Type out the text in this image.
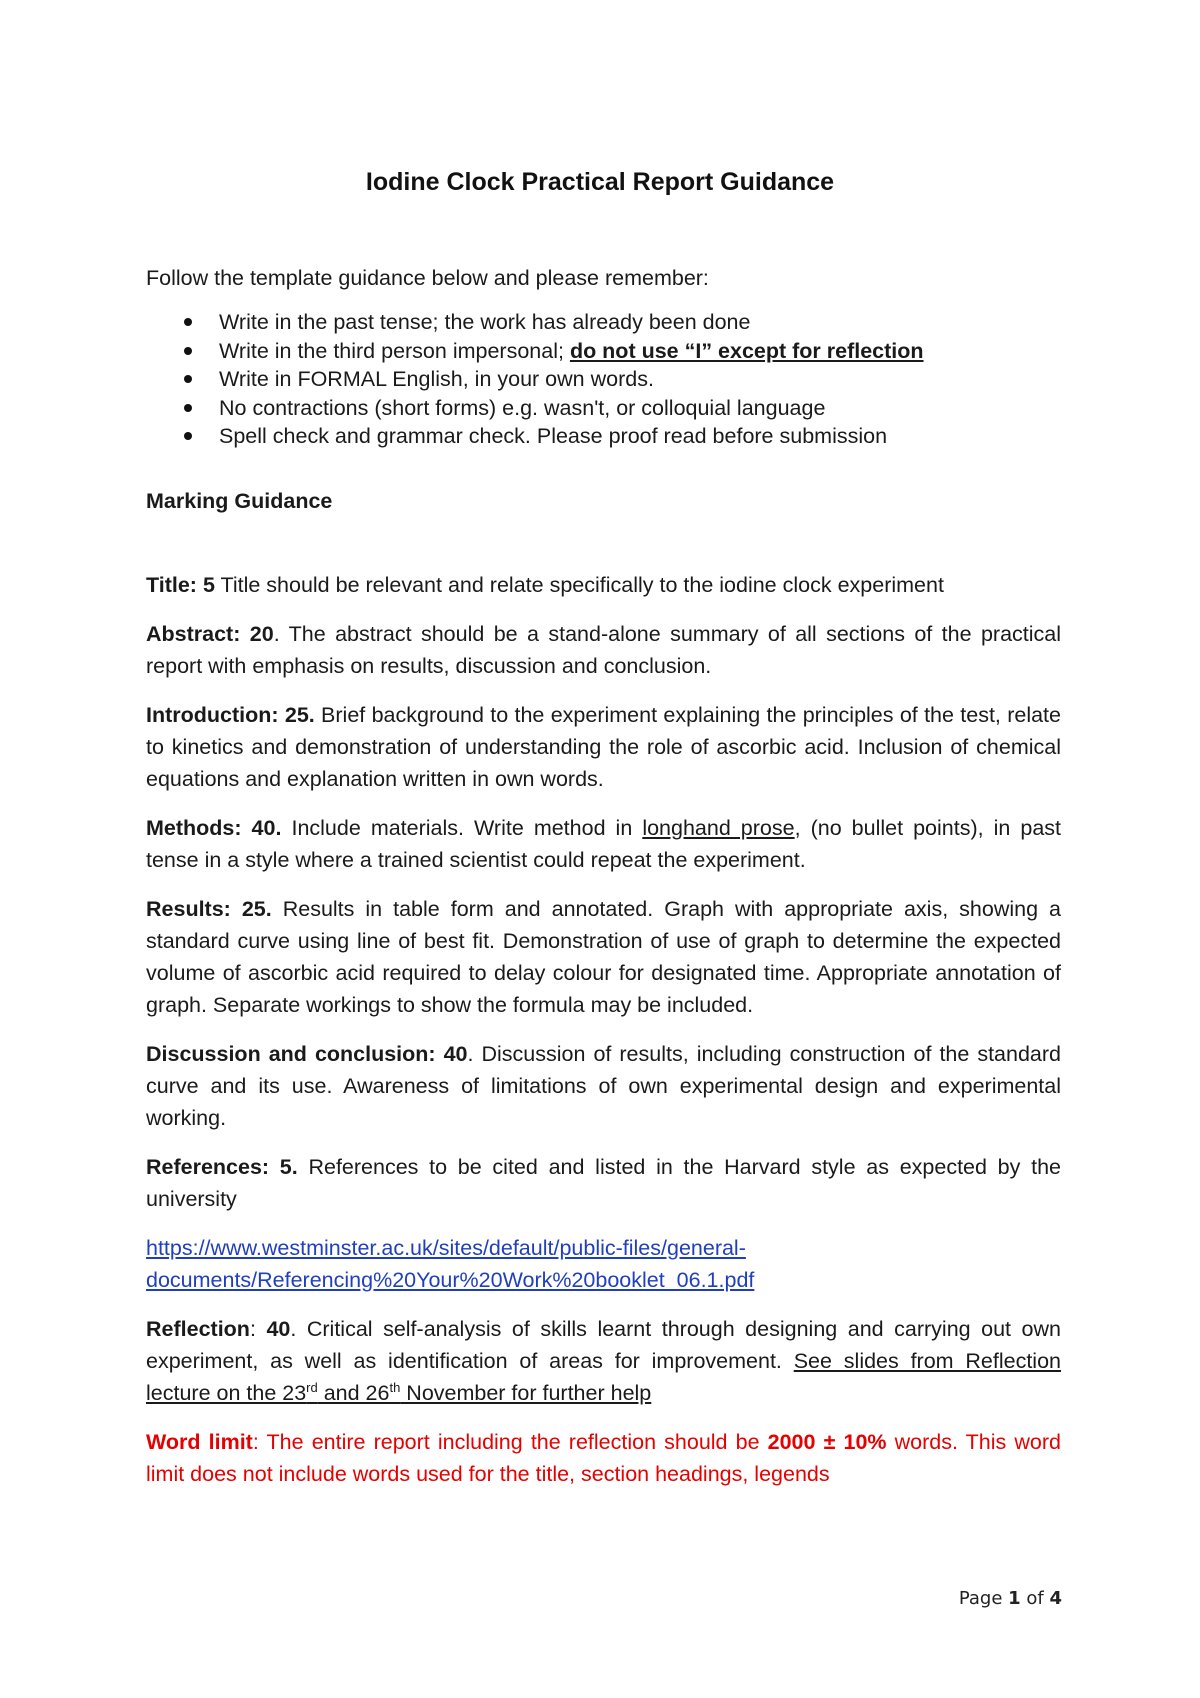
Iodine Clock Practical Report Guidance

Follow the template guidance below and please remember:

Write in the past tense; the work has already been done
Write in the third person impersonal; do not use “I” except for reflection
Write in FORMAL English, in your own words.
No contractions (short forms) e.g. wasn't, or colloquial language
Spell check and grammar check. Please proof read before submission
Marking Guidance

Title: 5 Title should be relevant and relate specifically to the iodine clock experiment

Abstract: 20. The abstract should be a stand-alone summary of all sections of the practical report with emphasis on results, discussion and conclusion.

Introduction: 25. Brief background to the experiment explaining the principles of the test, relate to kinetics and demonstration of understanding the role of ascorbic acid. Inclusion of chemical equations and explanation written in own words.

Methods: 40. Include materials. Write method in longhand prose, (no bullet points), in past tense in a style where a trained scientist could repeat the experiment.

Results: 25. Results in table form and annotated. Graph with appropriate axis, showing a standard curve using line of best fit. Demonstration of use of graph to determine the expected volume of ascorbic acid required to delay colour for designated time. Appropriate annotation of graph. Separate workings to show the formula may be included.

Discussion and conclusion: 40. Discussion of results, including construction of the standard curve and its use. Awareness of limitations of own experimental design and experimental working.

References: 5. References to be cited and listed in the Harvard style as expected by the university

https://www.westminster.ac.uk/sites/default/public-files/general-
documents/Referencing%20Your%20Work%20booklet_06.1.pdf

Reflection: 40. Critical self-analysis of skills learnt through designing and carrying out own experiment, as well as identification of areas for improvement. See slides from Reflection lecture on the 23rd and 26th November for further help

Word limit: The entire report including the reflection should be 2000 ± 10% words. This word limit does not include words used for the title, section headings, legends

Page 1 of 4
